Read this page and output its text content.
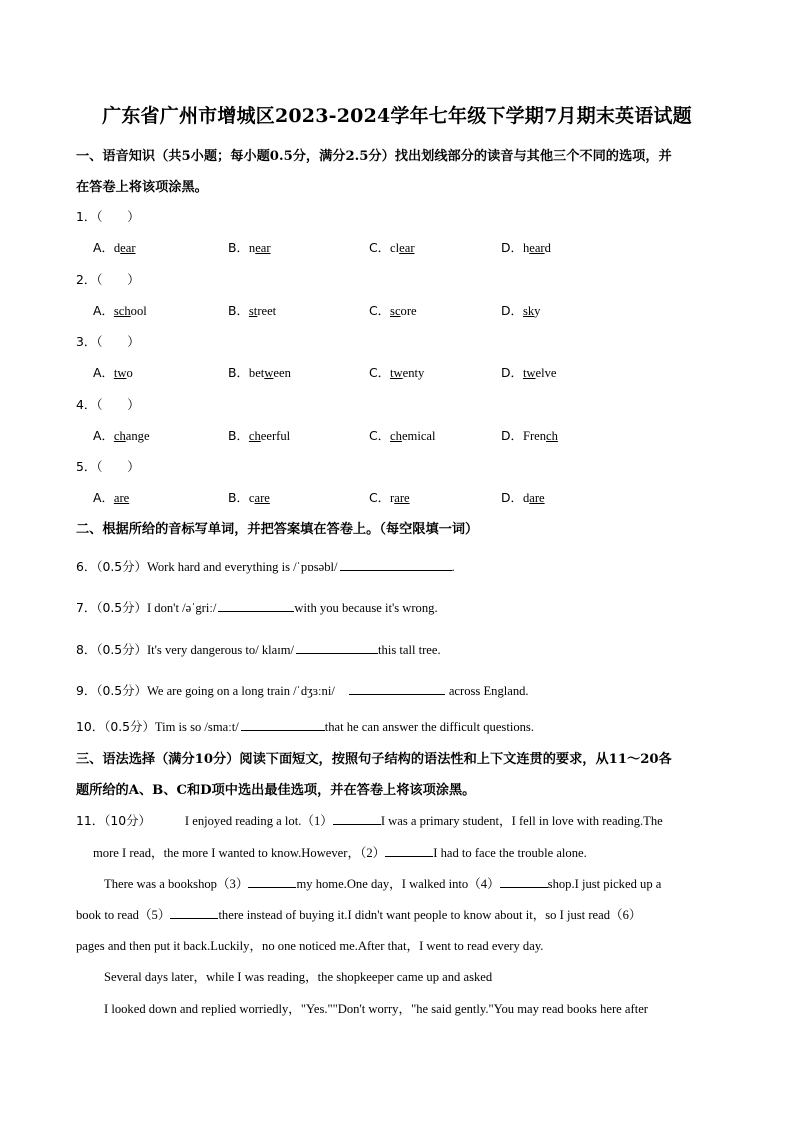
广东省广州市增城区2023-2024学年七年级下学期7月期末英语试题
一、语音知识（共5小题；每小题0.5分，满分2.5分）找出划线部分的读音与其他三个不同的选项，并
在答卷上将该项涂黑。
1．（　　）
A．dear	B．near	C．clear	D．heard
2．（　　）
A．school	B．street	C．score	D．sky
3．（　　）
A．two	B．between	C．twenty	D．twelve
4．（　　）
A．change	B．cheerful	C．chemical	D．French
5．（　　）
A．are	B．care	C．rare	D．dare
二、根据所给的音标写单词，并把答案填在答卷上。（每空限填一词）
6．（0.5分）Work hard and everything is /ˈpɒsəbl/	.
7．（0.5分）I don't /əˈgriː/	with you because it's wrong.
8．（0.5分）It's very dangerous to/ klaɪm/	this tall tree.
9．（0.5分）We are going on a long train /ˈdʒɜːni/	across England.
10．（0.5分）Tim is so /smaːt/	that he can answer the difficult questions.
三、语法选择（满分10分）阅读下面短文，按照句子结构的语法性和上下文连贯的要求，从11～20各
题所给的A、B、C和D项中选出最佳选项，并在答卷上将该项涂黑。
11．（10分）	I enjoyed reading a lot.（1）	I was a primary student，I fell in love with reading.The
more I read，the more I wanted to know.However，（2）	I had to face the trouble alone.
There was a bookshop（3）	my home.One day，I walked into（4）	shop.I just picked up a
book to read（5）	there instead of buying it.I didn't want people to know about it，so I just read（6）
pages and then put it back.Luckily，no one noticed me.After that，I went to read every day.
Several days later，while I was reading，the shopkeeper came up and asked
I looked down and replied worriedly，"Yes.""Don't worry，"he said gently."You may read books here after
